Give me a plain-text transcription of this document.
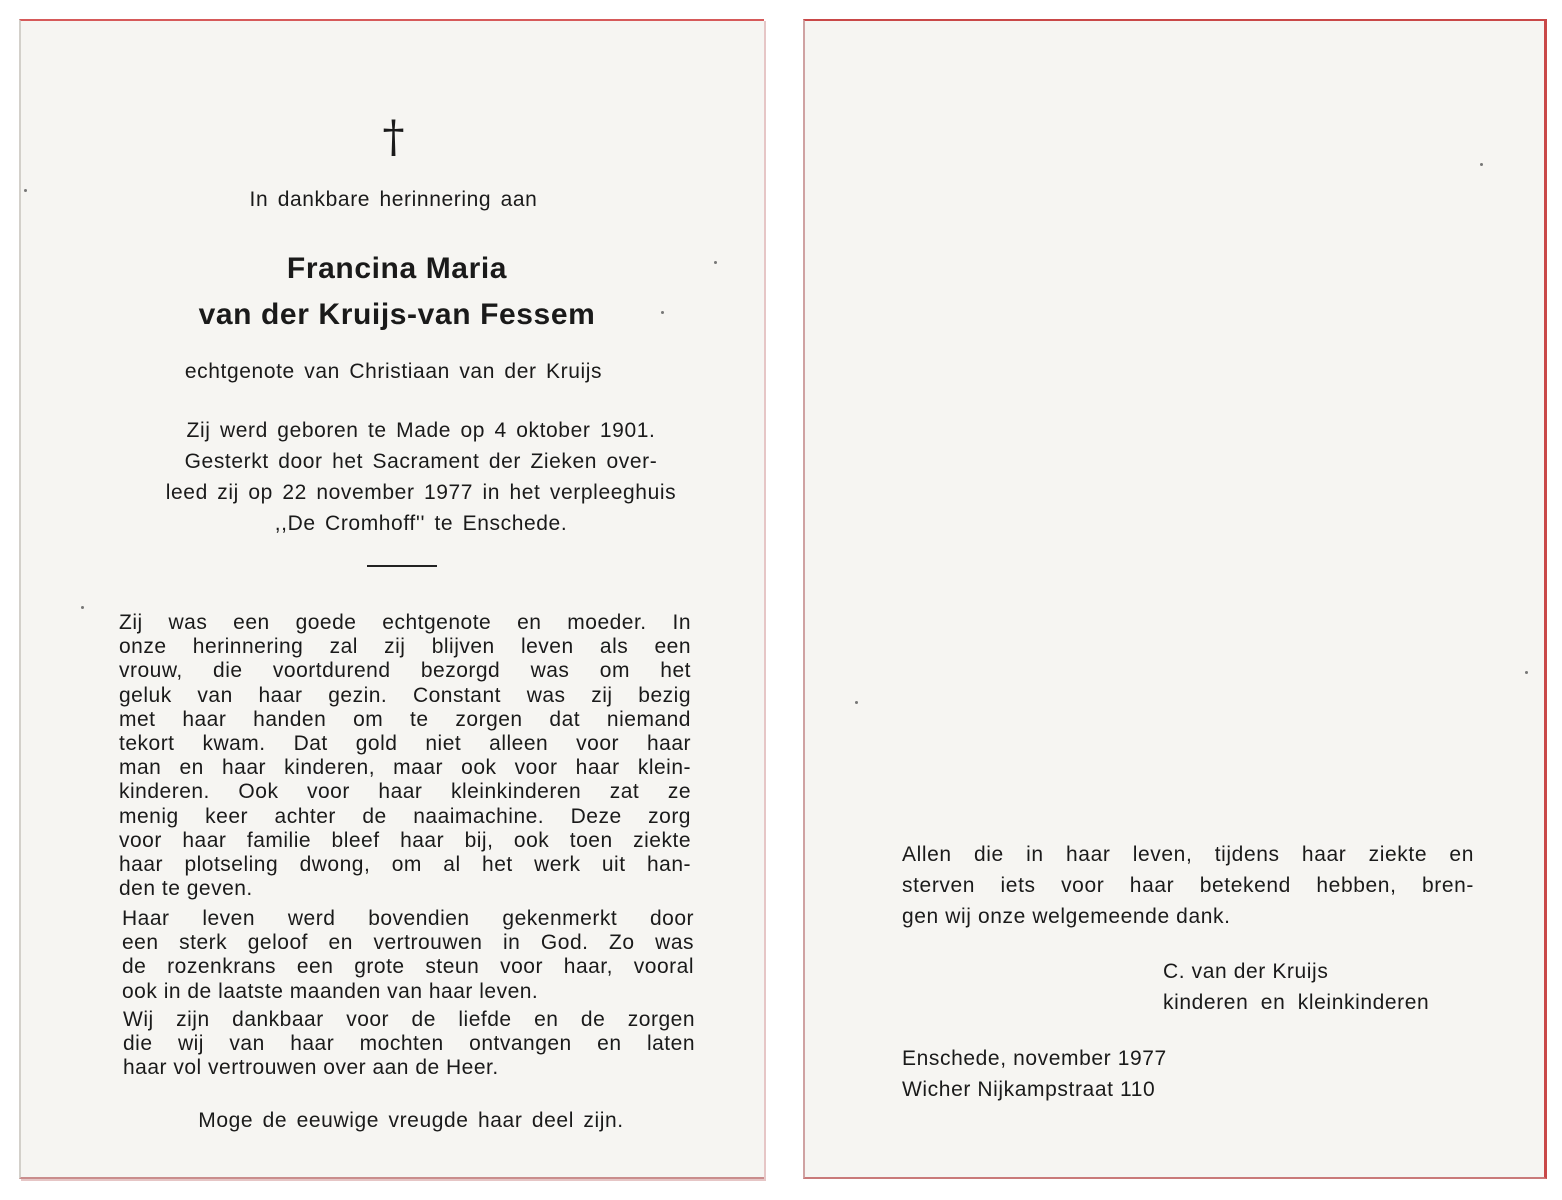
†
In dankbare herinnering aan
Francina Maria
van der Kruijs-van Fessem
echtgenote van Christiaan van der Kruijs
Zij werd geboren te Made op 4 oktober 1901.
Gesterkt door het Sacrament der Zieken over-
leed zij op 22 november 1977 in het verpleeghuis
,,De Cromhoff'' te Enschede.
Zij was een goede echtgenote en moeder. In
onze herinnering zal zij blijven leven als een
vrouw, die voortdurend bezorgd was om het
geluk van haar gezin. Constant was zij bezig
met haar handen om te zorgen dat niemand
tekort kwam. Dat gold niet alleen voor haar
man en haar kinderen, maar ook voor haar klein-
kinderen. Ook voor haar kleinkinderen zat ze
menig keer achter de naaimachine. Deze zorg
voor haar familie bleef haar bij, ook toen ziekte
haar plotseling dwong, om al het werk uit han-
den te geven.
Haar leven werd bovendien gekenmerkt door
een sterk geloof en vertrouwen in God. Zo was
de rozenkrans een grote steun voor haar, vooral
ook in de laatste maanden van haar leven.
Wij zijn dankbaar voor de liefde en de zorgen
die wij van haar mochten ontvangen en laten
haar vol vertrouwen over aan de Heer.
Moge de eeuwige vreugde haar deel zijn.
Allen die in haar leven, tijdens haar ziekte en
sterven iets voor haar betekend hebben, bren-
gen wij onze welgemeende dank.
C. van der Kruijs
kinderen en kleinkinderen
Enschede, november 1977
Wicher Nijkampstraat 110
